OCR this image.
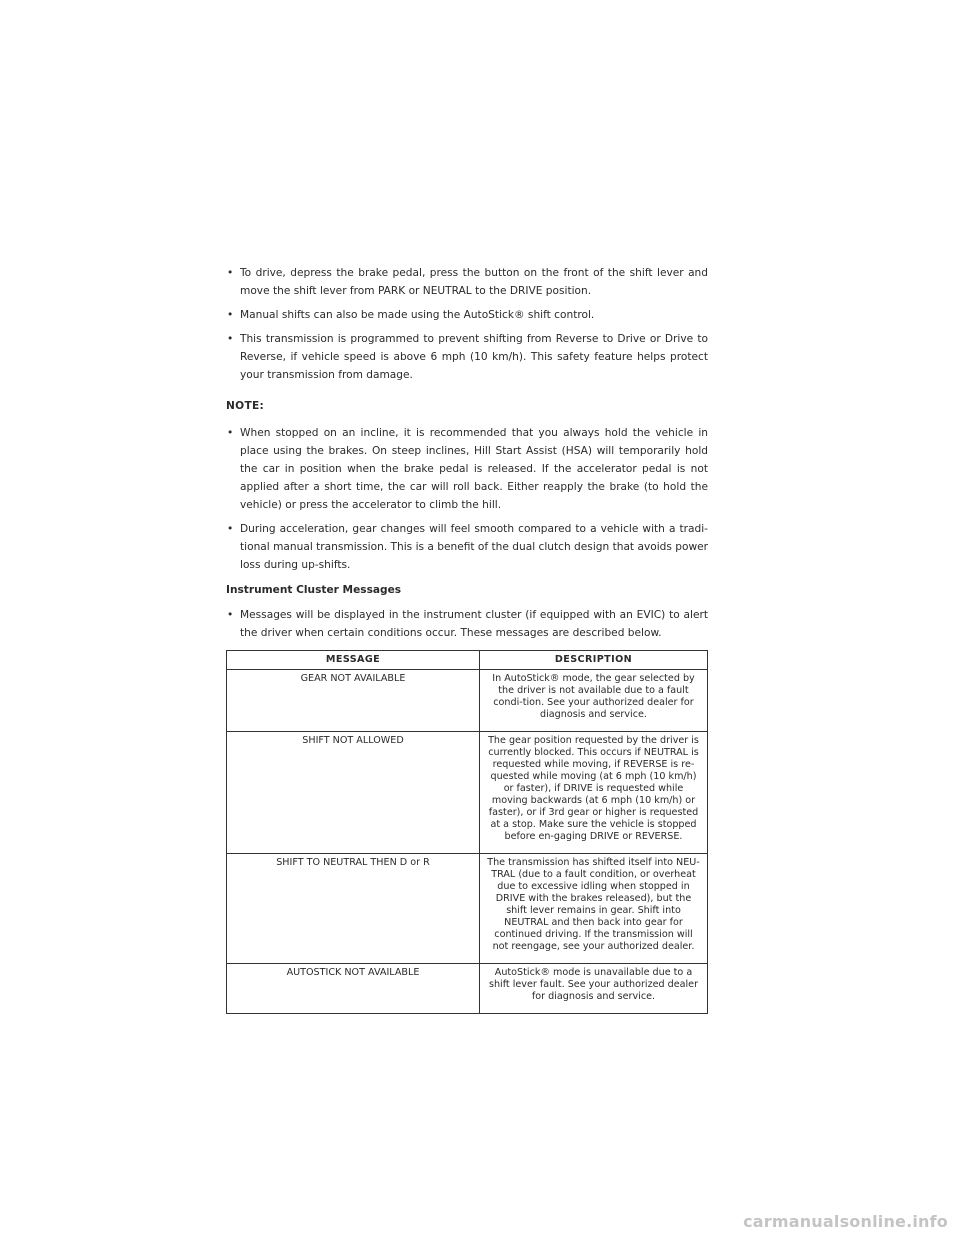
• To drive, depress the brake pedal, press the button on the front of the shift lever and move the shift lever from PARK or NEUTRAL to the DRIVE position.
• Manual shifts can also be made using the AutoStick® shift control.
• This transmission is programmed to prevent shifting from Reverse to Drive or Drive to Reverse, if vehicle speed is above 6 mph (10 km/h). This safety feature helps protect your transmission from damage.
NOTE:
• When stopped on an incline, it is recommended that you always hold the vehicle in place using the brakes. On steep inclines, Hill Start Assist (HSA) will temporarily hold the car in position when the brake pedal is released. If the accelerator pedal is not applied after a short time, the car will roll back. Either reapply the brake (to hold the vehicle) or press the accelerator to climb the hill.
• During acceleration, gear changes will feel smooth compared to a vehicle with a tradi-tional manual transmission. This is a benefit of the dual clutch design that avoids power loss during up-shifts.
Instrument Cluster Messages
• Messages will be displayed in the instrument cluster (if equipped with an EVIC) to alert the driver when certain conditions occur. These messages are described below.
MESSAGE	DESCRIPTION
GEAR NOT AVAILABLE	In AutoStick® mode, the gear selected by the driver is not available due to a fault condi-tion. See your authorized dealer for diagnosis and service.
SHIFT NOT ALLOWED	The gear position requested by the driver is currently blocked. This occurs if NEUTRAL is requested while moving, if REVERSE is re-quested while moving (at 6 mph (10 km/h) or faster), if DRIVE is requested while moving backwards (at 6 mph (10 km/h) or faster), or if 3rd gear or higher is requested at a stop. Make sure the vehicle is stopped before en-gaging DRIVE or REVERSE.
SHIFT TO NEUTRAL THEN D or R	The transmission has shifted itself into NEU-TRAL (due to a fault condition, or overheat due to excessive idling when stopped in DRIVE with the brakes released), but the shift lever remains in gear. Shift into NEUTRAL and then back into gear for continued driving. If the transmission will not reengage, see your authorized dealer.
AUTOSTICK NOT AVAILABLE	AutoStick® mode is unavailable due to a shift lever fault. See your authorized dealer for diagnosis and service.
carmanualsonline.info
